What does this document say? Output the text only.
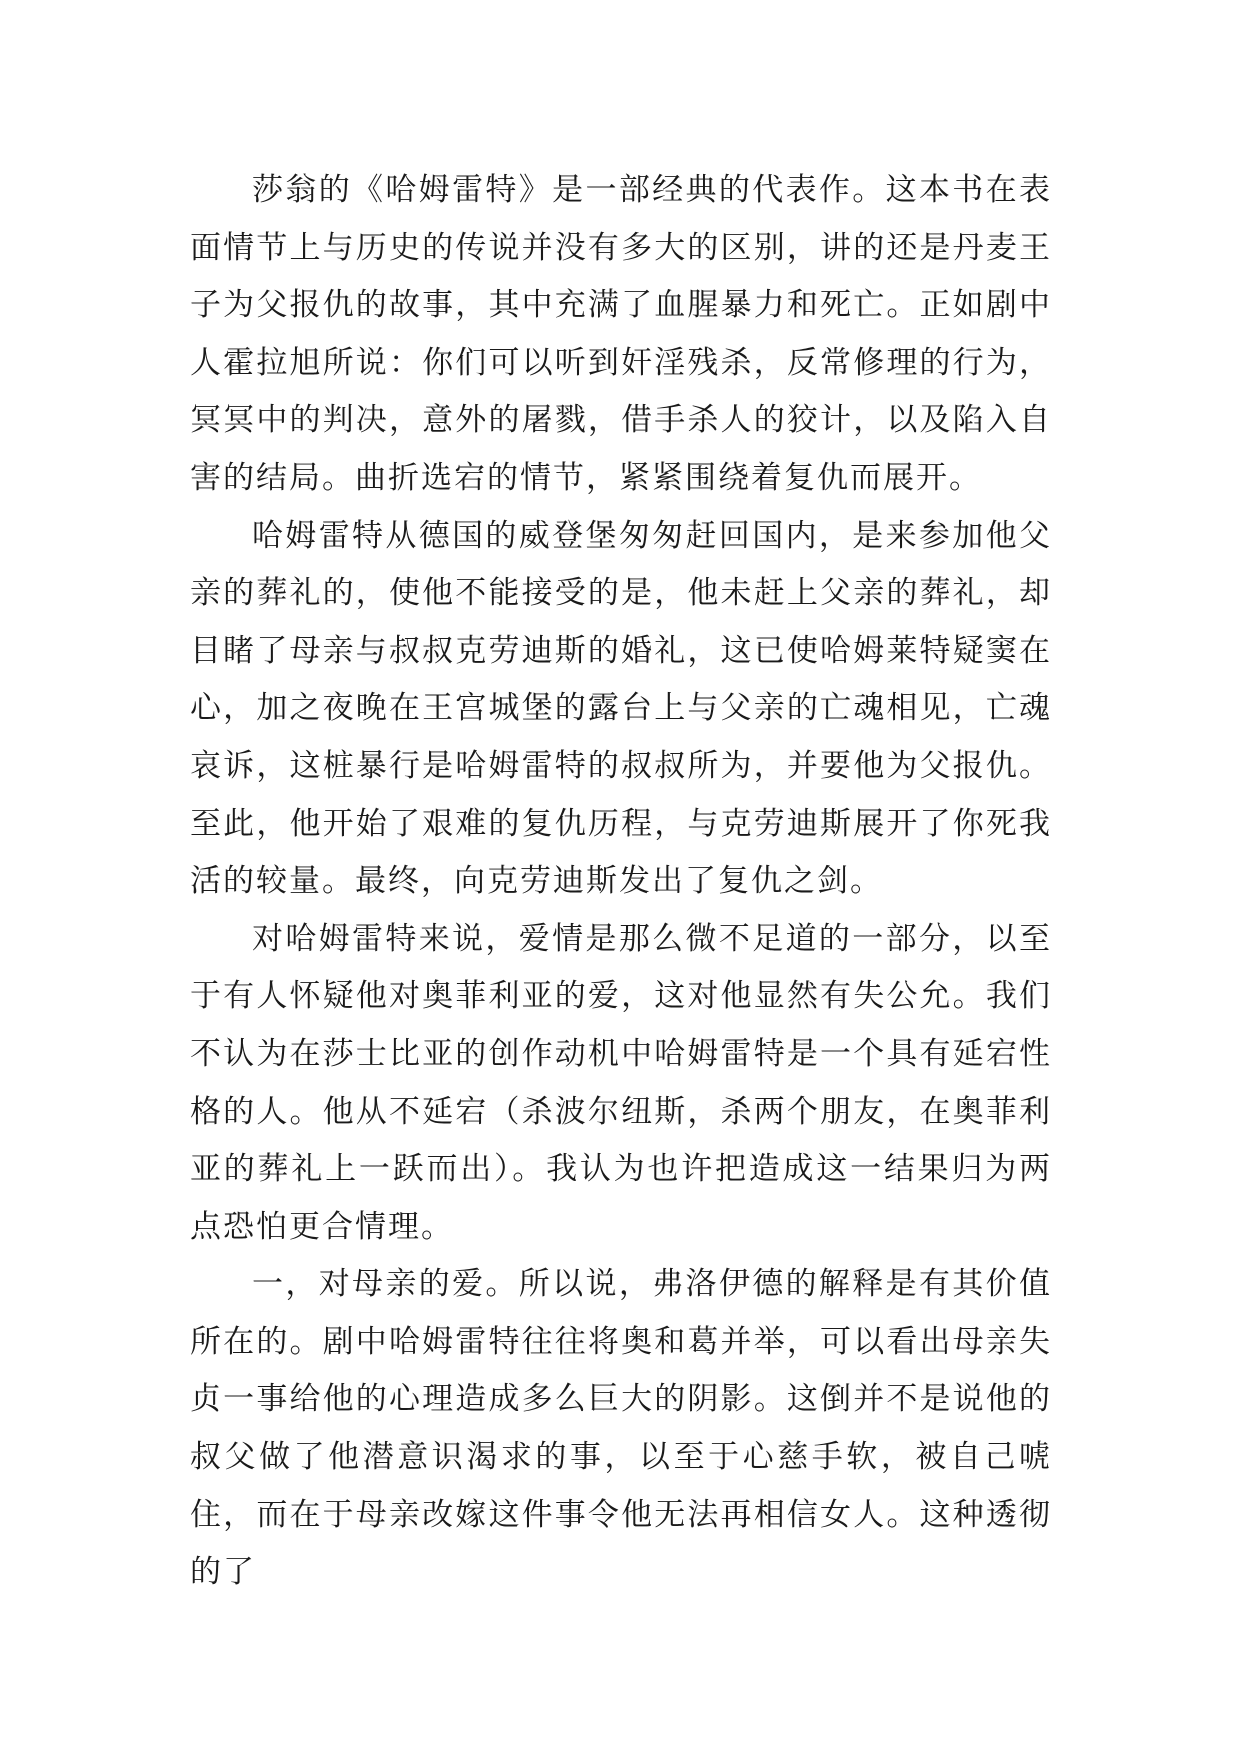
莎翁的《哈姆雷特》是一部经典的代表作。这本书在表面情节上与历史的传说并没有多大的区别，讲的还是丹麦王子为父报仇的故事，其中充满了血腥暴力和死亡。正如剧中人霍拉旭所说：你们可以听到奸淫残杀，反常修理的行为，冥冥中的判决，意外的屠戮，借手杀人的狡计，以及陷入自害的结局。曲折选宕的情节，紧紧围绕着复仇而展开。

哈姆雷特从德国的威登堡匆匆赶回国内，是来参加他父亲的葬礼的，使他不能接受的是，他未赶上父亲的葬礼，却目睹了母亲与叔叔克劳迪斯的婚礼，这已使哈姆莱特疑窦在心，加之夜晚在王宫城堡的露台上与父亲的亡魂相见，亡魂哀诉，这桩暴行是哈姆雷特的叔叔所为，并要他为父报仇。至此，他开始了艰难的复仇历程，与克劳迪斯展开了你死我活的较量。最终，向克劳迪斯发出了复仇之剑。

对哈姆雷特来说，爱情是那么微不足道的一部分，以至于有人怀疑他对奥菲利亚的爱，这对他显然有失公允。我们不认为在莎士比亚的创作动机中哈姆雷特是一个具有延宕性格的人。他从不延宕（杀波尔纽斯，杀两个朋友，在奥菲利亚的葬礼上一跃而出）。我认为也许把造成这一结果归为两点恐怕更合情理。

一，对母亲的爱。所以说，弗洛伊德的解释是有其价值所在的。剧中哈姆雷特往往将奥和葛并举，可以看出母亲失贞一事给他的心理造成多么巨大的阴影。这倒并不是说他的叔父做了他潜意识渴求的事，以至于心慈手软，被自己唬住，而在于母亲改嫁这件事令他无法再相信女人。这种透彻的了
